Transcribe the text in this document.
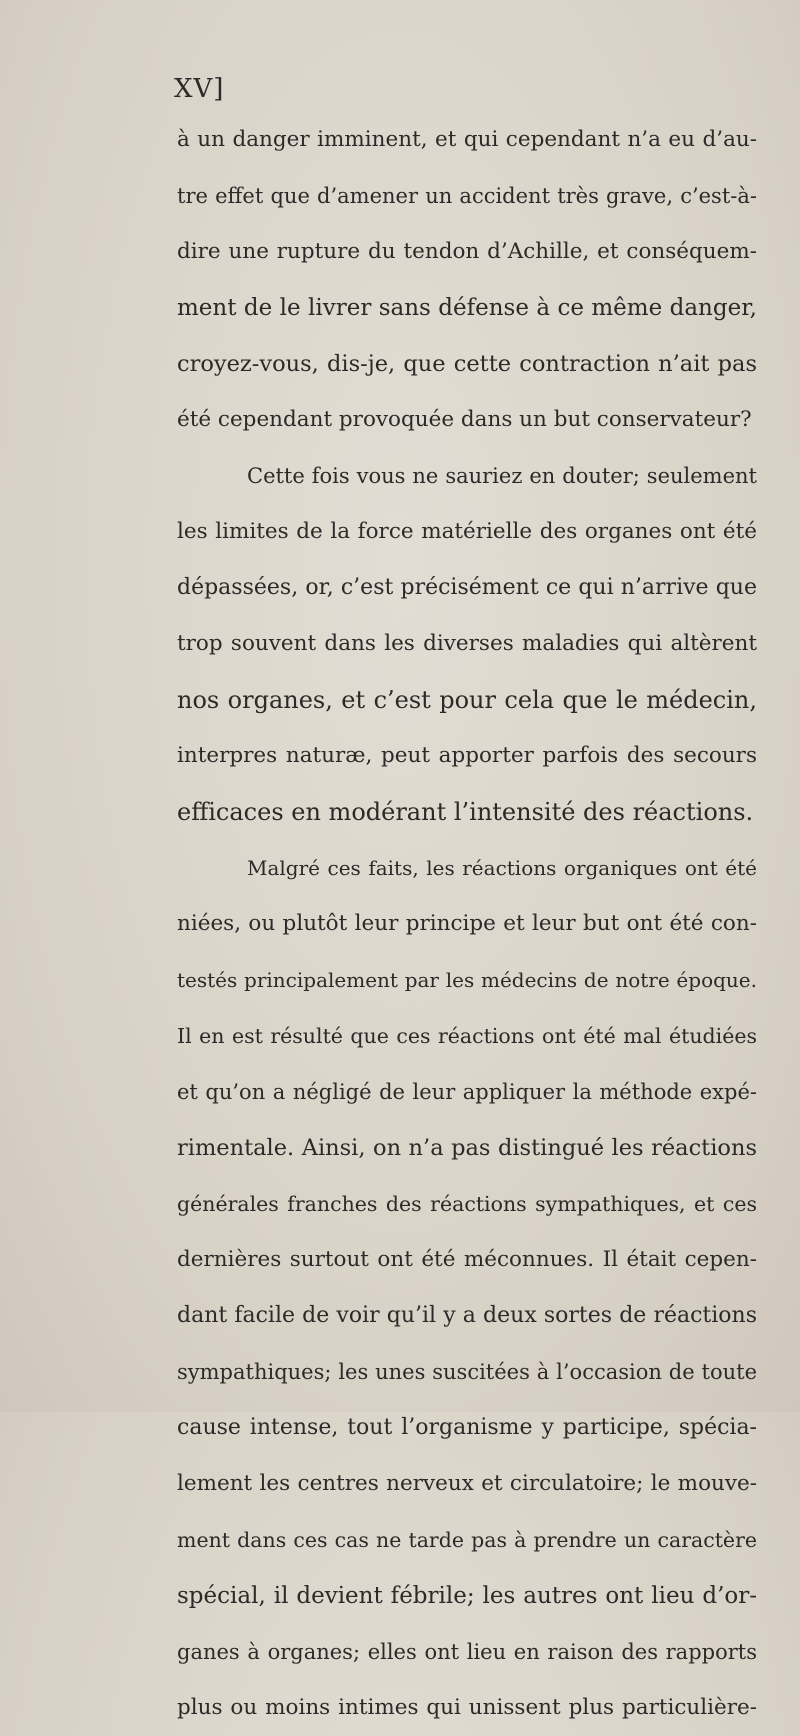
XV]
à un danger imminent, et qui cependant n’a eu d’au-
tre effet que d’amener un accident très grave, c’est-à-
dire une rupture du tendon d’Achille, et conséquem-
ment de le livrer sans défense à ce même danger,
croyez-vous, dis-je, que cette contraction n’ait pas
été cependant provoquée dans un but conservateur?
Cette fois vous ne sauriez en douter; seulement
les limites de la force matérielle des organes ont été
dépassées, or, c’est précisément ce qui n’arrive que
trop souvent dans les diverses maladies qui altèrent
nos organes, et c’est pour cela que le médecin,
interpres naturæ, peut apporter parfois des secours
efficaces en modérant l’intensité des réactions.
Malgré ces faits, les réactions organiques ont été
niées, ou plutôt leur principe et leur but ont été con-
testés principalement par les médecins de notre époque.
Il en est résulté que ces réactions ont été mal étudiées
et qu’on a négligé de leur appliquer la méthode expé-
rimentale. Ainsi, on n’a pas distingué les réactions
générales franches des réactions sympathiques, et ces
dernières surtout ont été méconnues. Il était cepen-
dant facile de voir qu’il y a deux sortes de réactions
sympathiques; les unes suscitées à l’occasion de toute
cause intense, tout l’organisme y participe, spécia-
lement les centres nerveux et circulatoire; le mouve-
ment dans ces cas ne tarde pas à prendre un caractère
spécial, il devient fébrile; les autres ont lieu d’or-
ganes à organes; elles ont lieu en raison des rapports
plus ou moins intimes qui unissent plus particulière-
